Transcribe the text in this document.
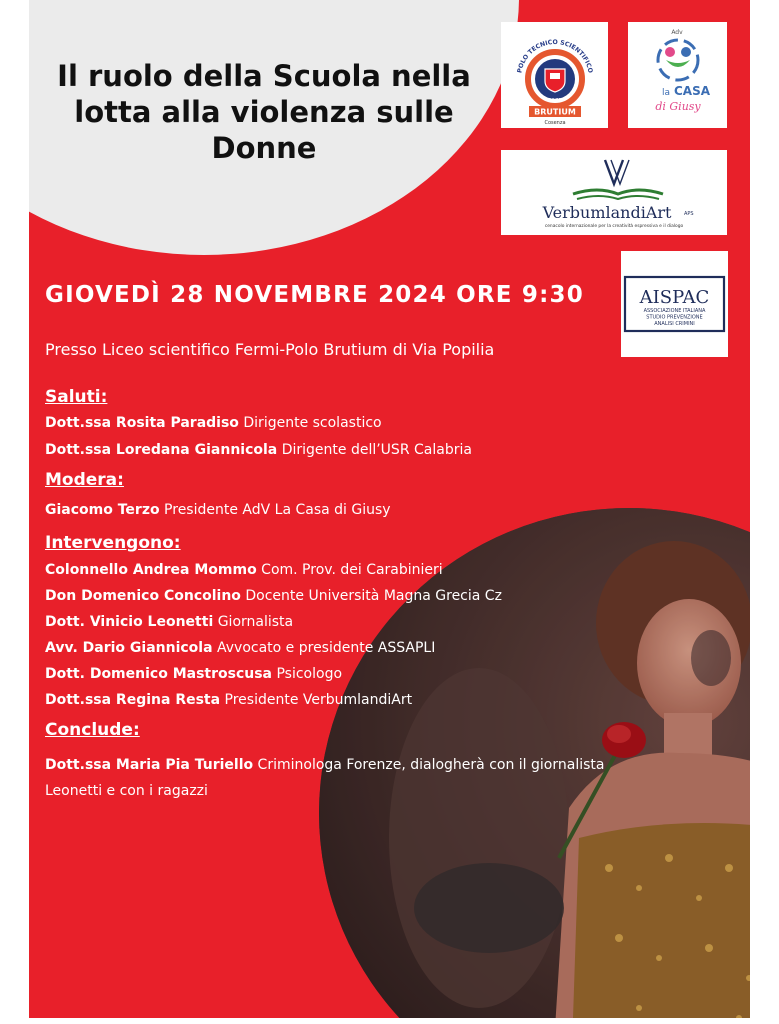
Il ruolo della Scuola nella lotta alla violenza sulle Donne
POLO TECNICO SCIENTIFICO
1970
BRUTIUM
Cosenza
Adv
la CASA
di Giusy
VerbumlandiArt	APS
cenacolo internazionale per la creatività espressiva e il dialogo
AISPAC
ASSOCIAZIONE ITALIANA
STUDIO PREVENZIONE
ANALISI CRIMINI
GIOVEDÌ 28 NOVEMBRE 2024 ORE 9:30
Presso Liceo scientifico Fermi-Polo Brutium di Via Popilia
Saluti:
Dott.ssa Rosita Paradiso Dirigente scolastico
Dott.ssa Loredana Giannicola Dirigente dell’USR Calabria
Modera:
Giacomo Terzo Presidente AdV La Casa di Giusy
Intervengono:
Colonnello Andrea Mommo Com. Prov. dei Carabinieri
Don Domenico Concolino Docente Università Magna Grecia Cz
Dott. Vinicio Leonetti Giornalista
Avv. Dario Giannicola Avvocato e presidente ASSAPLI
Dott. Domenico Mastroscusa Psicologo
Dott.ssa Regina Resta Presidente VerbumlandiArt
Conclude:
Dott.ssa Maria Pia Turiello Criminologa Forenze, dialogherà con il giornalista Leonetti e con i ragazzi
